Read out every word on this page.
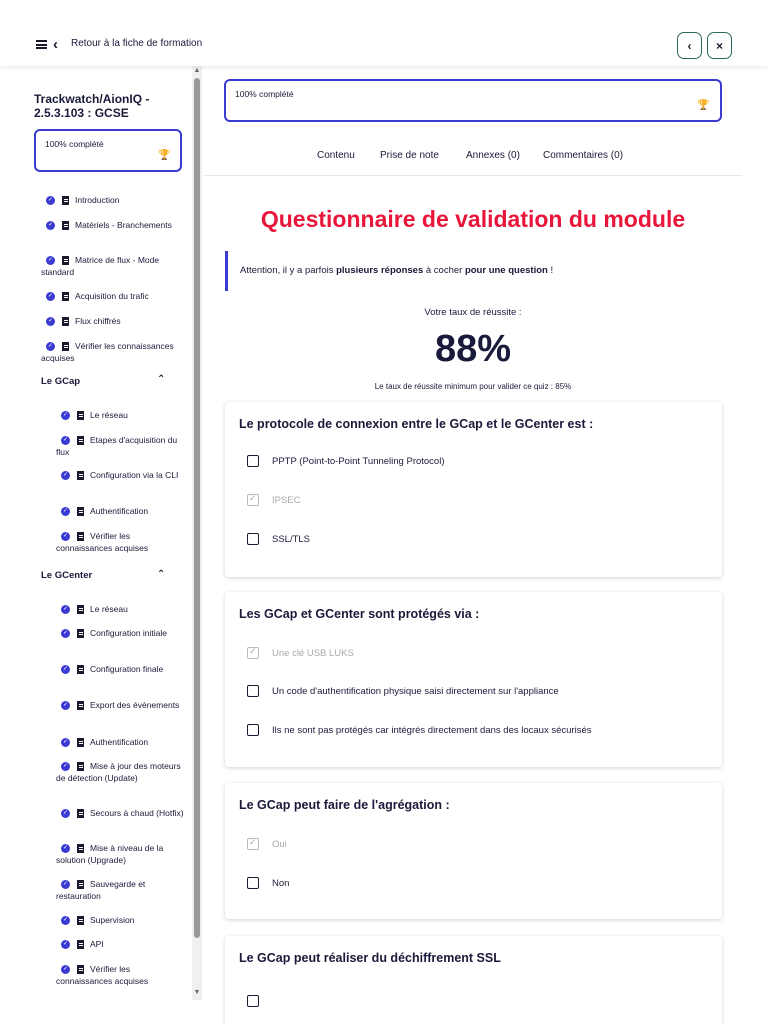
‹ Retour à la fiche de formation	‹	×
Trackwatch/AionIQ - 2.5.3.103 : GCSE
100% complété
🏆
✓	Introduction
✓	Matériels - Branchements
✓	Matrice de flux - Mode standard
✓	Acquisition du trafic
✓	Flux chiffrés
✓	Vérifier les connaissances acquises
Le GCap	⌃
✓	Le réseau
✓	Etapes d'acquisition du flux
✓	Configuration via la CLI
✓	Authentification
✓	Vérifier les connaissances acquises
Le GCenter	⌃
✓	Le réseau
✓	Configuration initiale
✓	Configuration finale
✓	Export des évènements
✓	Authentification
✓	Mise à jour des moteurs de détection (Update)
✓	Secours à chaud (Hotfix)
✓	Mise à niveau de la solution (Upgrade)
✓	Sauvegarde et restauration
✓	Supervision
✓	API
✓	Vérifier les connaissances acquises
▲
▼
100% complété
🏆
Contenu	Prise de note	Annexes (0) Commentaires (0)
Questionnaire de validation du module
Attention, il y a parfois plusieurs réponses à cocher pour une question !
Votre taux de réussite :
88%
Le taux de réussite minimum pour valider ce quiz : 85%
Le protocole de connexion entre le GCap et le GCenter est :
PPTP (Point-to-Point Tunneling Protocol)
✓
IPSEC
SSL/TLS
Les GCap et GCenter sont protégés via :
✓
Une clé USB LUKS
Un code d'authentification physique saisi directement sur l'appliance
Ils ne sont pas protégés car intégrés directement dans des locaux sécurisés
Le GCap peut faire de l'agrégation :
✓
Oui
Non
Le GCap peut réaliser du déchiffrement SSL
